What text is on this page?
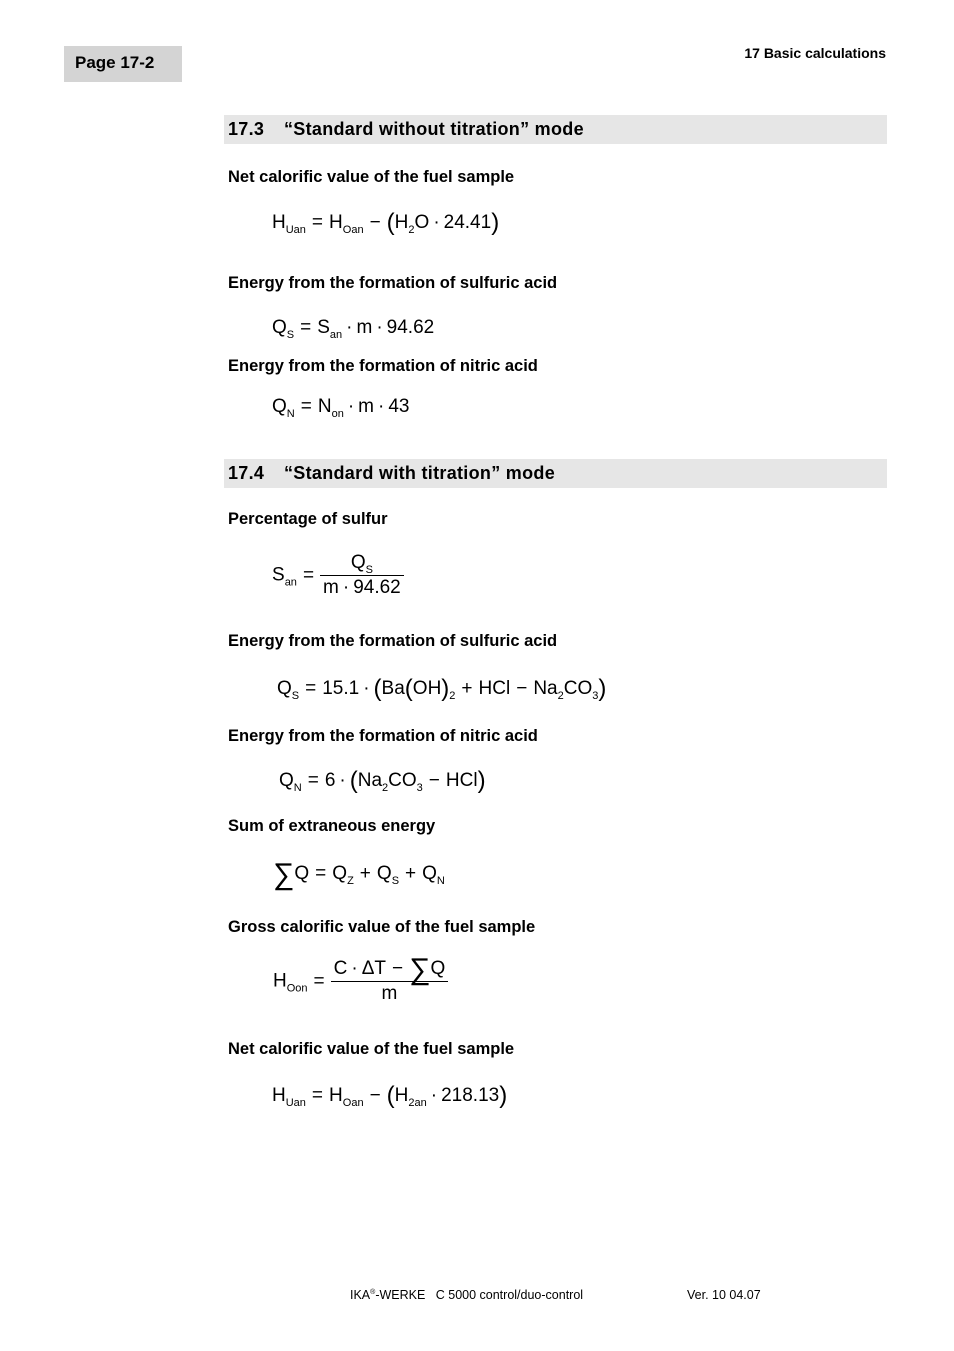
Page 17-2	17 Basic calculations
17.3 “Standard without titration” mode
Net calorific value of the fuel sample
$H_{Uan} = H_{Oan} - (H_2O \cdot 24.41)$
Energy from the formation of sulfuric acid
$Q_S = S_{an} \cdot m \cdot 94.62$
Energy from the formation of nitric acid
$Q_N = N_{on} \cdot m \cdot 43$
17.4 “Standard with titration” mode
Percentage of sulfur
$S_{an} = \frac{Q_S}{m \cdot 94.62}$
Energy from the formation of sulfuric acid
$Q_S = 15.1 \cdot (Ba(OH)_2$ + HCl − $Na_2CO_3$)
Energy from the formation of nitric acid
$Q_N = 6 \cdot (Na_2CO_3 - HCl)$
Sum of extraneous energy
$\sum Q = Q_Z + Q_S + Q_N$
Gross calorific value of the fuel sample
$H_{Oon} = \frac{C \cdot \Delta T - \sum Q}{m}$
Net calorific value of the fuel sample
$H_{Uan} = H_{Oan} - (H_{2an} \cdot 218.13)$
IKA®-WERKE C 5000 control/duo-control	Ver. 10 04.07
